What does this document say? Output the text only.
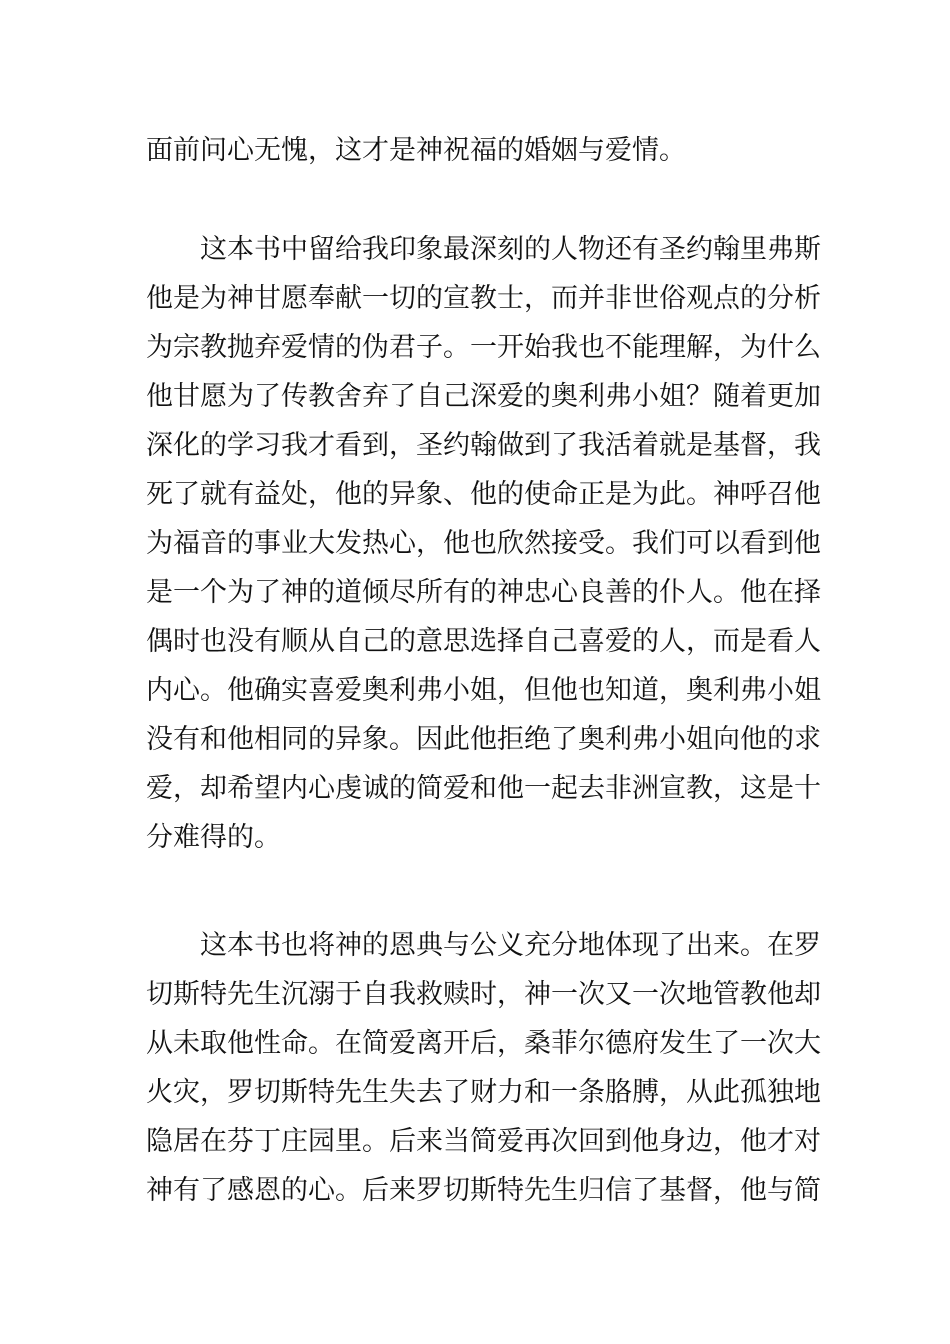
面前问心无愧，这才是神祝福的婚姻与爱情。
这本书中留给我印象最深刻的人物还有圣约翰里弗斯
他是为神甘愿奉献一切的宣教士，而并非世俗观点的分析
为宗教抛弃爱情的伪君子。一开始我也不能理解，为什么
他甘愿为了传教舍弃了自己深爱的奥利弗小姐？随着更加
深化的学习我才看到，圣约翰做到了我活着就是基督，我
死了就有益处，他的异象、他的使命正是为此。神呼召他
为福音的事业大发热心，他也欣然接受。我们可以看到他
是一个为了神的道倾尽所有的神忠心良善的仆人。他在择
偶时也没有顺从自己的意思选择自己喜爱的人，而是看人
内心。他确实喜爱奥利弗小姐，但他也知道，奥利弗小姐
没有和他相同的异象。因此他拒绝了奥利弗小姐向他的求
爱，却希望内心虔诚的简爱和他一起去非洲宣教，这是十
分难得的。
这本书也将神的恩典与公义充分地体现了出来。在罗
切斯特先生沉溺于自我救赎时，神一次又一次地管教他却
从未取他性命。在简爱离开后，桑菲尔德府发生了一次大
火灾，罗切斯特先生失去了财力和一条胳膊，从此孤独地
隐居在芬丁庄园里。后来当简爱再次回到他身边，他才对
神有了感恩的心。后来罗切斯特先生归信了基督，他与简
